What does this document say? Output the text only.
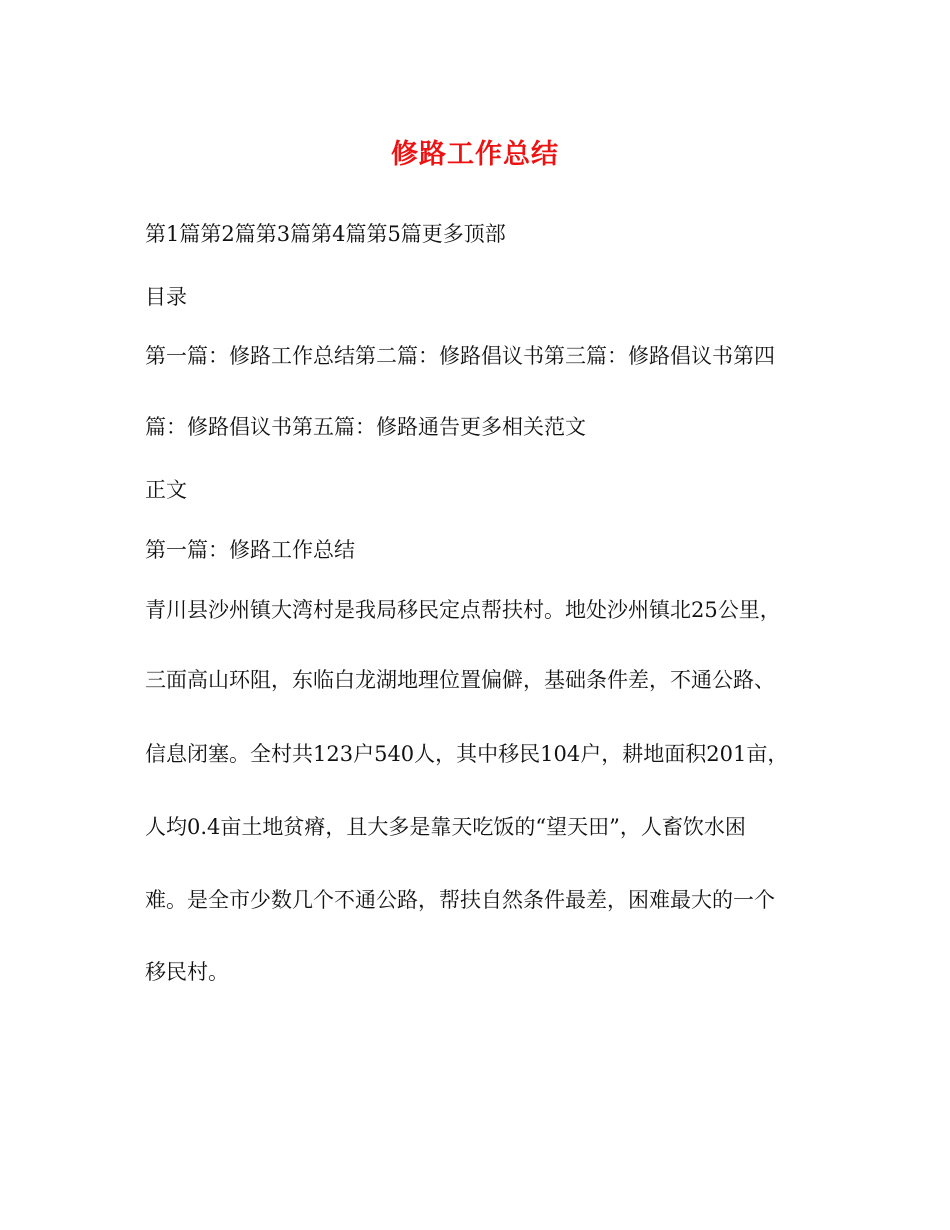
修路工作总结
第1篇第2篇第3篇第4篇第5篇更多顶部
目录
第一篇：修路工作总结第二篇：修路倡议书第三篇：修路倡议书第四
篇：修路倡议书第五篇：修路通告更多相关范文
正文
第一篇：修路工作总结
青川县沙州镇大湾村是我局移民定点帮扶村。地处沙州镇北25公里，
三面高山环阻，东临白龙湖地理位置偏僻，基础条件差，不通公路、
信息闭塞。全村共123户540人，其中移民104户，耕地面积201亩，
人均0.4亩土地贫瘠，且大多是靠天吃饭的“望天田”，人畜饮水困
难。是全市少数几个不通公路，帮扶自然条件最差，困难最大的一个
移民村。
